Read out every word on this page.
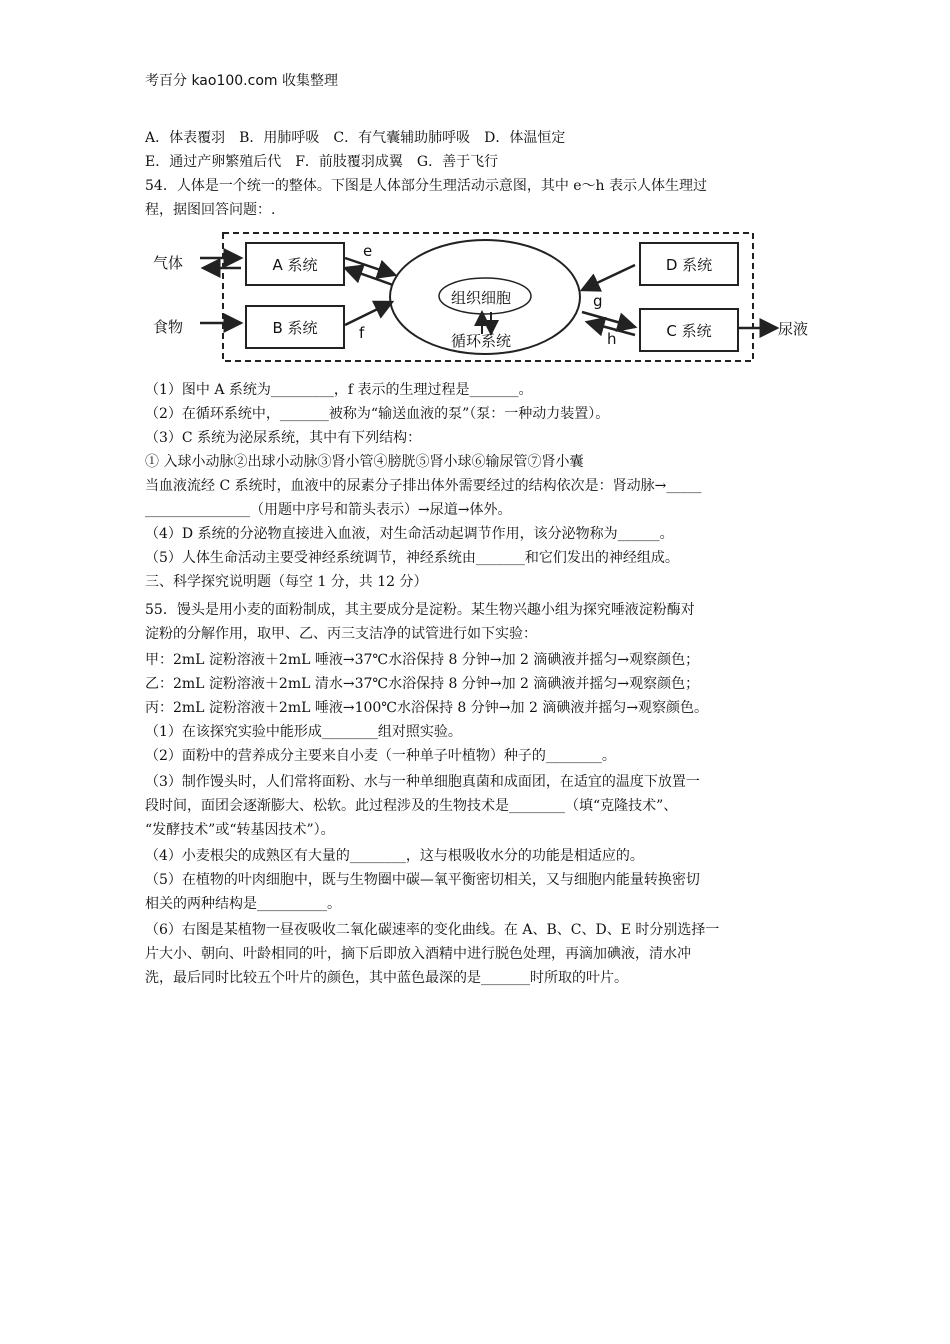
考百分 kao100.com 收集整理
A．体表覆羽　B．用肺呼吸　C．有气囊辅助肺呼吸　D．体温恒定
E．通过产卵繁殖后代　F．前肢覆羽成翼　G．善于飞行
54．人体是一个统一的整体。下图是人体部分生理活动示意图，其中 e～h 表示人体生理过
程，据图回答问题：.
气体
食物
A 系统
B 系统
D 系统
C 系统
组织细胞
循环系统
尿液
e
f
g
h
（1）图中 A 系统为_________，f 表示的生理过程是_______。
（2）在循环系统中，_______被称为“输送血液的泵”（泵：一种动力装置）。
（3）C 系统为泌尿系统，其中有下列结构：
① 入球小动脉②出球小动脉③肾小管④膀胱⑤肾小球⑥输尿管⑦肾小囊
当血液流经 C 系统时，血液中的尿素分子排出体外需要经过的结构依次是：肾动脉→_____
_______________（用题中序号和箭头表示）→尿道→体外。
（4）D 系统的分泌物直接进入血液，对生命活动起调节作用，该分泌物称为______。
（5）人体生命活动主要受神经系统调节，神经系统由_______和它们发出的神经组成。
三、科学探究说明题（每空 1 分，共 12 分）
55．馒头是用小麦的面粉制成，其主要成分是淀粉。某生物兴趣小组为探究唾液淀粉酶对
淀粉的分解作用，取甲、乙、丙三支洁净的试管进行如下实验：
甲：2mL 淀粉溶液＋2mL 唾液→37℃水浴保持 8 分钟→加 2 滴碘液并摇匀→观察颜色；
乙：2mL 淀粉溶液＋2mL 清水→37℃水浴保持 8 分钟→加 2 滴碘液并摇匀→观察颜色；
丙：2mL 淀粉溶液＋2mL 唾液→100℃水浴保持 8 分钟→加 2 滴碘液并摇匀→观察颜色。
（1）在该探究实验中能形成________组对照实验。
（2）面粉中的营养成分主要来自小麦（一种单子叶植物）种子的________。
（3）制作馒头时，人们常将面粉、水与一种单细胞真菌和成面团，在适宜的温度下放置一
段时间，面团会逐渐膨大、松软。此过程涉及的生物技术是________（填“克隆技术”、
“发酵技术”或“转基因技术”）。
（4）小麦根尖的成熟区有大量的________，这与根吸收水分的功能是相适应的。
（5）在植物的叶肉细胞中，既与生物圈中碳—氧平衡密切相关，又与细胞内能量转换密切
相关的两种结构是__________。
（6）右图是某植物一昼夜吸收二氧化碳速率的变化曲线。在 A、B、C、D、E 时分别选择一
片大小、朝向、叶龄相同的叶，摘下后即放入酒精中进行脱色处理，再滴加碘液，清水冲
洗，最后同时比较五个叶片的颜色，其中蓝色最深的是_______时所取的叶片。
